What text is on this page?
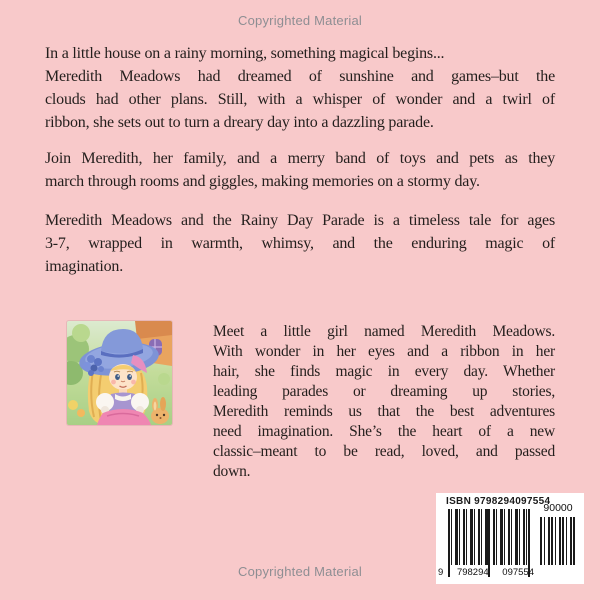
Copyrighted Material
In a little house on a rainy morning, something magical begins...
Meredith Meadows had dreamed of sunshine and games–but the
clouds had other plans. Still, with a whisper of wonder and a twirl of
ribbon, she sets out to turn a dreary day into a dazzling parade.
Join Meredith, her family, and a merry band of toys and pets as they
march through rooms and giggles, making memories on a stormy day.
Meredith Meadows and the Rainy Day Parade is a timeless tale for ages
3-7, wrapped in warmth, whimsy, and the enduring magic of
imagination.
Meet a little girl named Meredith Meadows.
With wonder in her eyes and a ribbon in her
hair, she finds magic in every day. Whether
leading parades or dreaming up stories,
Meredith reminds us that the best adventures
need imagination. She’s the heart of a new
classic–meant to be read, loved, and passed
down.
ISBN 9798294097554
9 798294 097554
90000
Copyrighted Material
